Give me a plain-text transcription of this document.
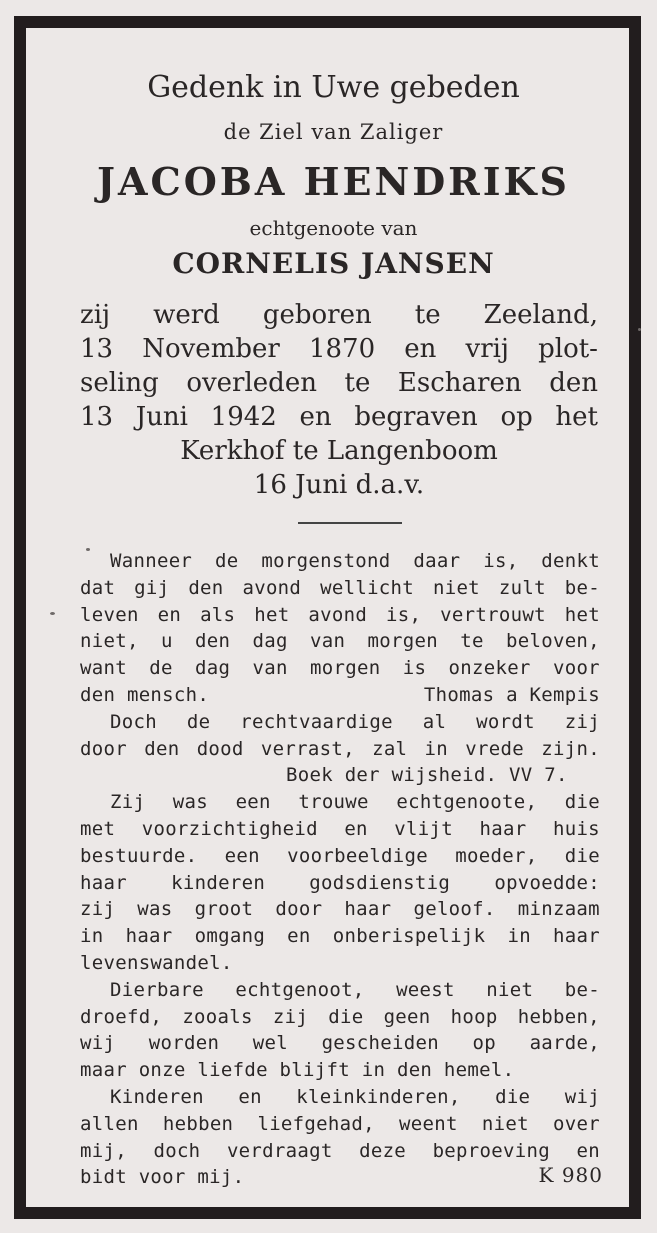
Gedenk in Uwe gebeden
de Ziel van Zaliger
JACOBA HENDRIKS
echtgenoote van
CORNELIS JANSEN
zij werd geboren te Zeeland,
13 November 1870 en vrij plot-
seling overleden te Escharen den
13 Juni 1942 en begraven op het
Kerkhof te Langenboom
16 Juni d.a.v.
Wanneer de morgenstond daar is, denkt
dat gij den avond wellicht niet zult be-
leven en als het avond is, vertrouwt het
niet, u den dag van morgen te beloven,
want de dag van morgen is onzeker voor
den mensch.	Thomas a Kempis
Doch de rechtvaardige al wordt zij
door den dood verrast, zal in vrede zijn.
Boek der wijsheid. VV 7.
Zij was een trouwe echtgenoote, die
met voorzichtigheid en vlijt haar huis
bestuurde. een voorbeeldige moeder, die
haar kinderen godsdienstig opvoedde:
zij was groot door haar geloof. minzaam
in haar omgang en onberispelijk in haar
levenswandel.
Dierbare echtgenoot, weest niet be-
droefd, zooals zij die geen hoop hebben,
wij worden wel gescheiden op aarde,
maar onze liefde blijft in den hemel.
Kinderen en kleinkinderen, die wij
allen hebben liefgehad, weent niet over
mij, doch verdraagt deze beproeving en
bidt voor mij.	K 980
